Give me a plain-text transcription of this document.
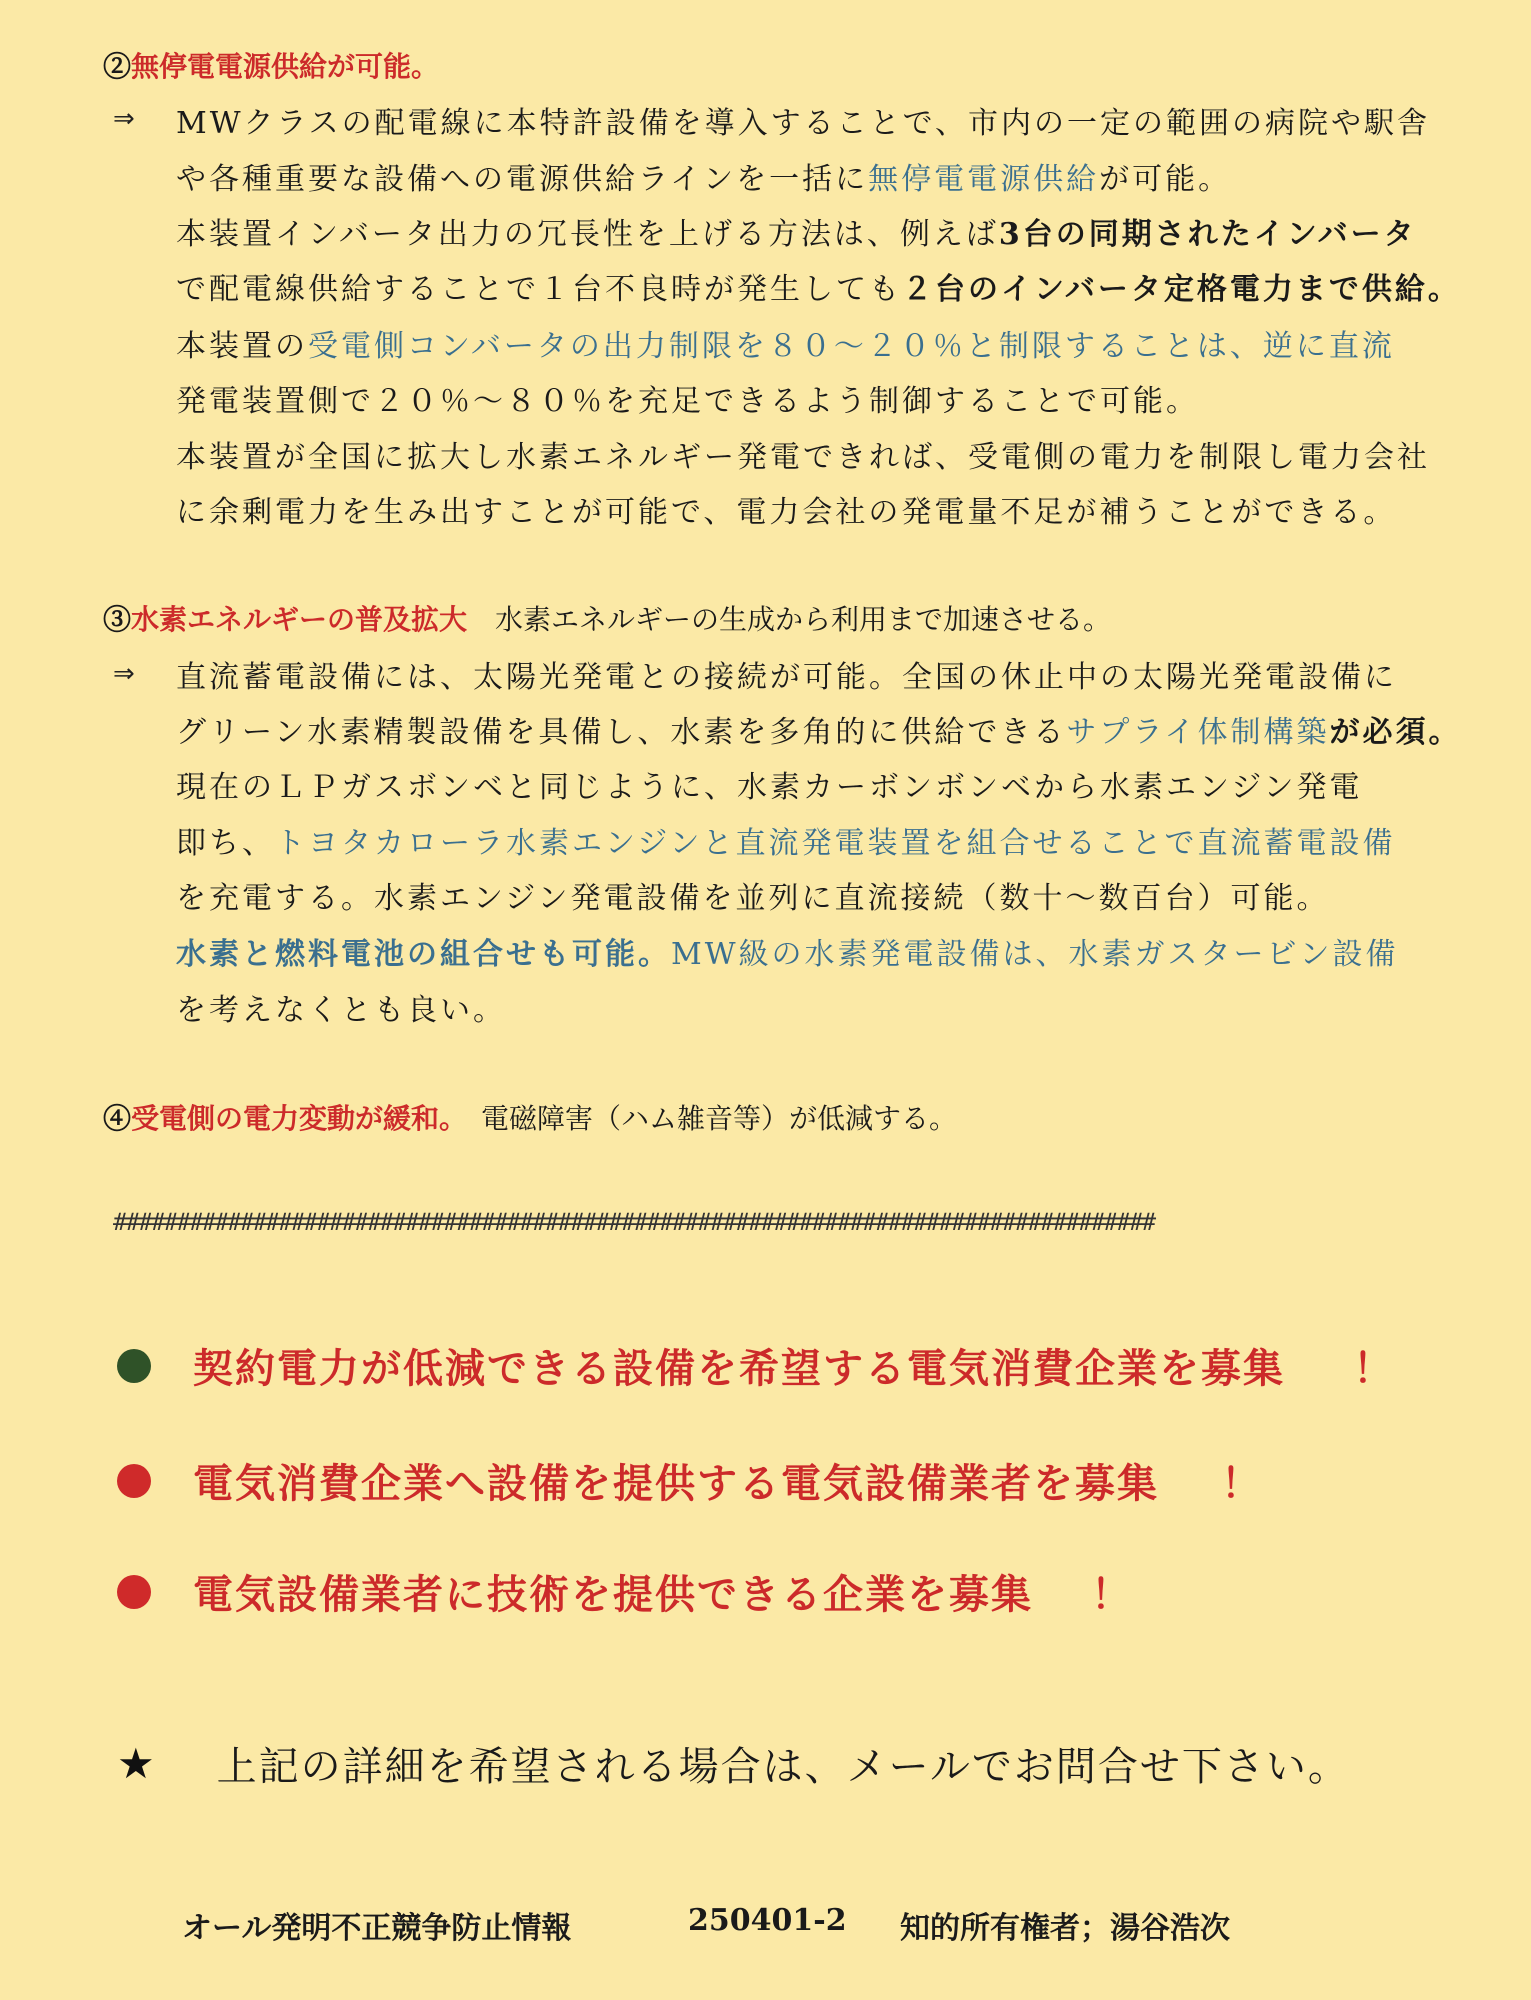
②無停電電源供給が可能。
⇒ MWクラスの配電線に本特許設備を導入することで、市内の一定の範囲の病院や駅舎
や各種重要な設備への電源供給ラインを一括に無停電電源供給が可能。
本装置インバータ出力の冗長性を上げる方法は、例えば3台の同期されたインバータ
で配電線供給することで１台不良時が発生しても２台のインバータ定格電力まで供給。
本装置の受電側コンバータの出力制限を８０～２０％と制限することは、逆に直流
発電装置側で２０％～８０％を充足できるよう制御することで可能。
本装置が全国に拡大し水素エネルギー発電できれば、受電側の電力を制限し電力会社
に余剰電力を生み出すことが可能で、電力会社の発電量不足が補うことができる。
③水素エネルギーの普及拡大　水素エネルギーの生成から利用まで加速させる。
⇒ 直流蓄電設備には、太陽光発電との接続が可能。全国の休止中の太陽光発電設備に
グリーン水素精製設備を具備し、水素を多角的に供給できるサプライ体制構築が必須。
現在のＬＰガスボンベと同じように、水素カーボンボンベから水素エンジン発電
即ち、トヨタカローラ水素エンジンと直流発電装置を組合せることで直流蓄電設備
を充電する。水素エンジン発電設備を並列に直流接続（数十～数百台）可能。
水素と燃料電池の組合せも可能。MW級の水素発電設備は、水素ガスタービン設備
を考えなくとも良い。
④受電側の電力変動が緩和。　電磁障害（ハム雑音等）が低減する。
##################################################################################
契約電力が低減できる設備を希望する電気消費企業を募集 ！
電気消費企業へ設備を提供する電気設備業者を募集 ！
電気設備業者に技術を提供できる企業を募集 ！
★ 上記の詳細を希望される場合は、メールでお問合せ下さい。
オール発明不正競争防止情報	250401-2 知的所有権者；湯谷浩次
